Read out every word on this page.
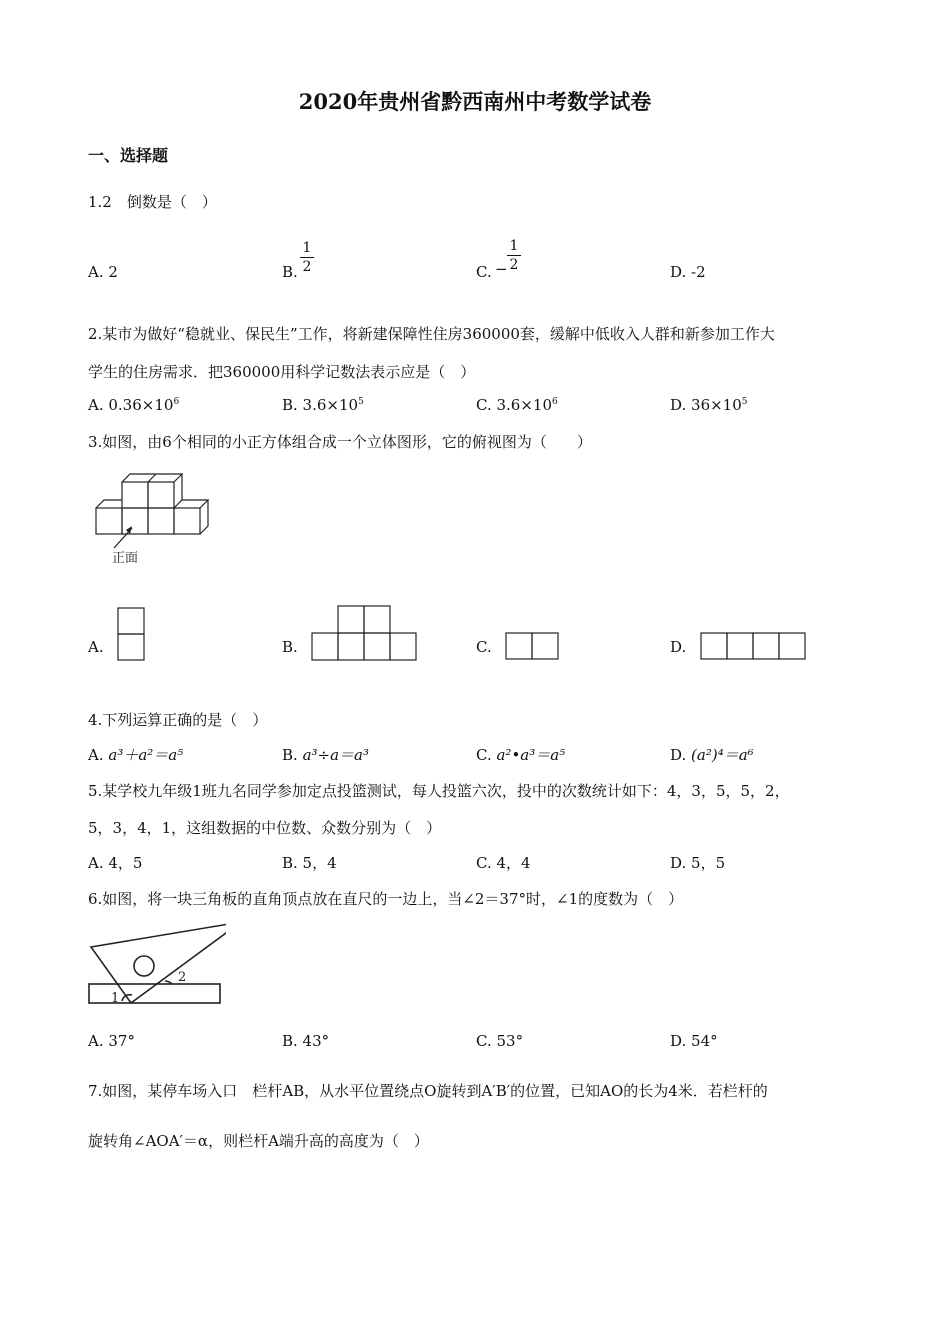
2020年贵州省黔西南州中考数学试卷
一、选择题
1.2　倒数是（　）
A. 2	B.
1
2	C. −
1
2	D. -2
2.某市为做好“稳就业、保民生”工作，将新建保障性住房360000套，缓解中低收入人群和新参加工作大
学生的住房需求．把360000用科学记数法表示应是（　）
A. $0.36\times 10^6$	B. $3.6\times 10^5$	C. $3.6\times 10^6$	D. $36\times 10^5$
3.如图，由6个相同的小正方体组合成一个立体图形，它的俯视图为（　　）
正面
A.	B.	C.	D.
4.下列运算正确的是（　）
A. a³＋a²＝a⁵	B. a³÷a＝a³	C. a²•a³＝a⁵	D. (a²)⁴＝a⁶
5.某学校九年级1班九名同学参加定点投篮测试，每人投篮六次，投中的次数统计如下：4，3，5，5，2，
5，3，4，1，这组数据的中位数、众数分别为（　）
A. 4，5	B. 5，4	C. 4，4	D. 5，5
6.如图，将一块三角板的直角顶点放在直尺的一边上，当∠2＝37°时，∠1的度数为（　）
1
2
A. 37°	B. 43°	C. 53°	D. 54°
7.如图，某停车场入口　栏杆AB，从水平位置绕点O旋转到A′B′的位置，已知AO的长为4米．若栏杆的
旋转角∠AOA′＝α，则栏杆A端升高的高度为（　）
